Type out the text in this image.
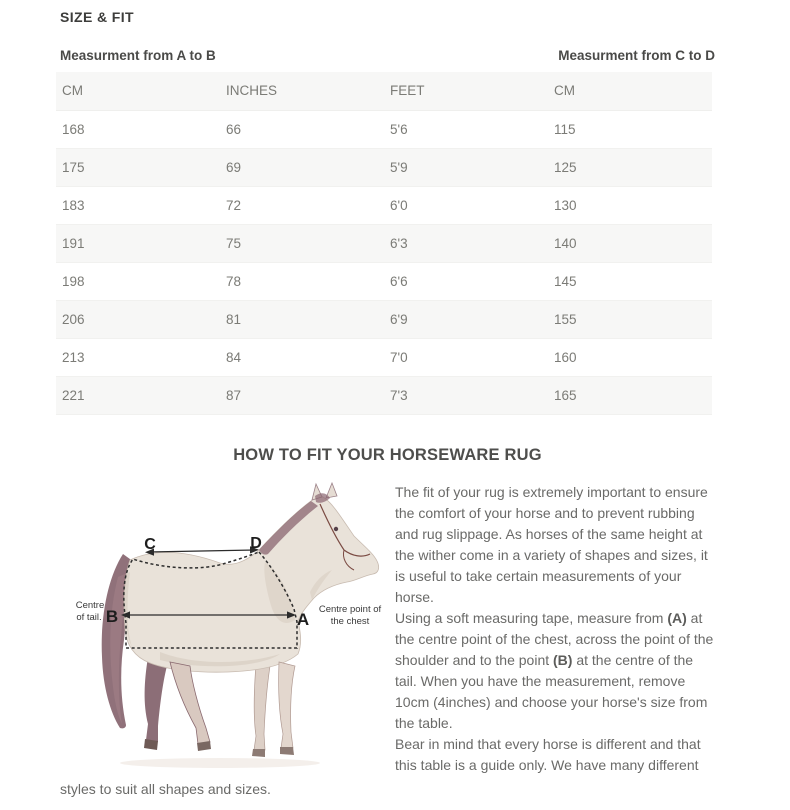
SIZE & FIT
Measurment from A to B	Measurment from C to D
CM	INCHES	FEET	CM
168	66	5'6	115
175	69	5'9	125
183	72	6'0	130
191	75	6'3	140
198	78	6'6	145
206	81	6'9	155
213	84	7'0	160
221	87	7'3	165
HOW TO FIT YOUR HORSEWARE RUG
C	D
B	A
Centre
of tail.
Centre point of
the chest

The fit of your rug is extremely important to ensure the comfort of your horse and to prevent rubbing and rug slippage. As horses of the same height at the wither come in a variety of shapes and sizes, it is useful to take certain measurements of your horse.

Using a soft measuring tape, measure from (A) at the centre point of the chest, across the point of the shoulder and to the point (B) at the centre of the tail. When you have the measurement, remove 10cm (4inches) and choose your horse's size from the table.

Bear in mind that every horse is different and that this table is a guide only. We have many different

styles to suit all shapes and sizes.
